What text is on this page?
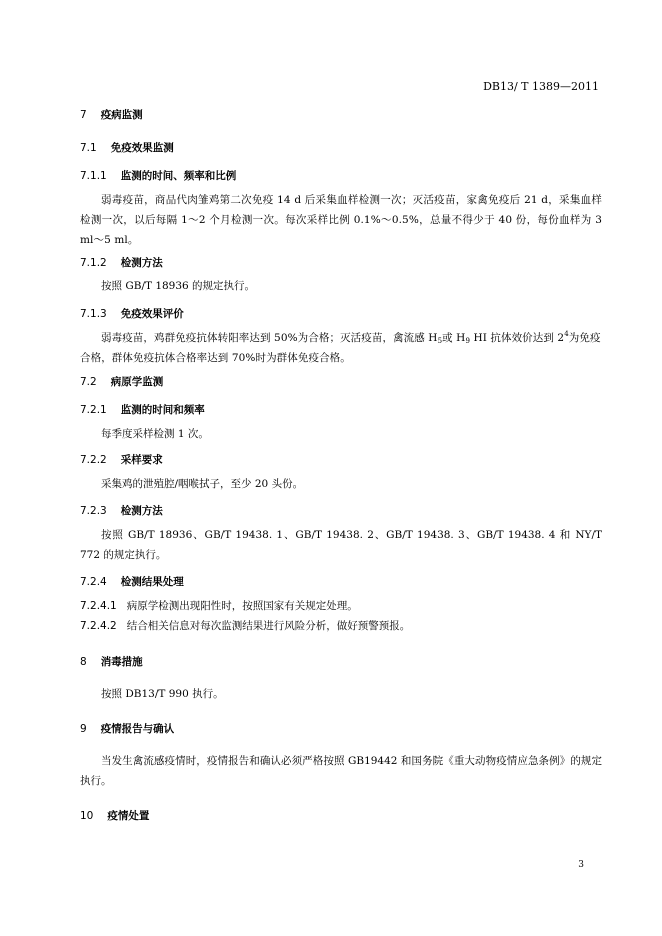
DB13/ T 1389—2011
7 疫病监测
7.1 免疫效果监测
7.1.1 监测的时间、频率和比例
弱毒疫苗，商品代肉雏鸡第二次免疫 14 d 后采集血样检测一次；灭活疫苗，家禽免疫后 21 d，采集血样检测一次，以后每隔 1～2 个月检测一次。每次采样比例 0.1%～0.5%，总量不得少于 40 份，每份血样为 3 ml～5 ml。
7.1.2 检测方法
按照 GB/T 18936 的规定执行。
7.1.3 免疫效果评价
弱毒疫苗，鸡群免疫抗体转阳率达到 50%为合格；灭活疫苗，禽流感 $H_5$或 $H_9$ HI 抗体效价达到 $2^4$为免疫合格，群体免疫抗体合格率达到 70%时为群体免疫合格。
7.2 病原学监测
7.2.1 监测的时间和频率
每季度采样检测 1 次。
7.2.2 采样要求
采集鸡的泄殖腔/咽喉拭子，至少 20 头份。
7.2.3 检测方法
按照 GB/T 18936、GB/T 19438. 1、GB/T 19438. 2、GB/T 19438. 3、GB/T 19438. 4 和 NY/T 772 的规定执行。
7.2.4 检测结果处理
7.2.4.1 病原学检测出现阳性时，按照国家有关规定处理。
7.2.4.2 结合相关信息对每次监测结果进行风险分析，做好预警预报。
8 消毒措施
按照 DB13/T 990 执行。
9 疫情报告与确认
当发生禽流感疫情时，疫情报告和确认必须严格按照 GB19442 和国务院《重大动物疫情应急条例》的规定执行。
10 疫情处置
3
